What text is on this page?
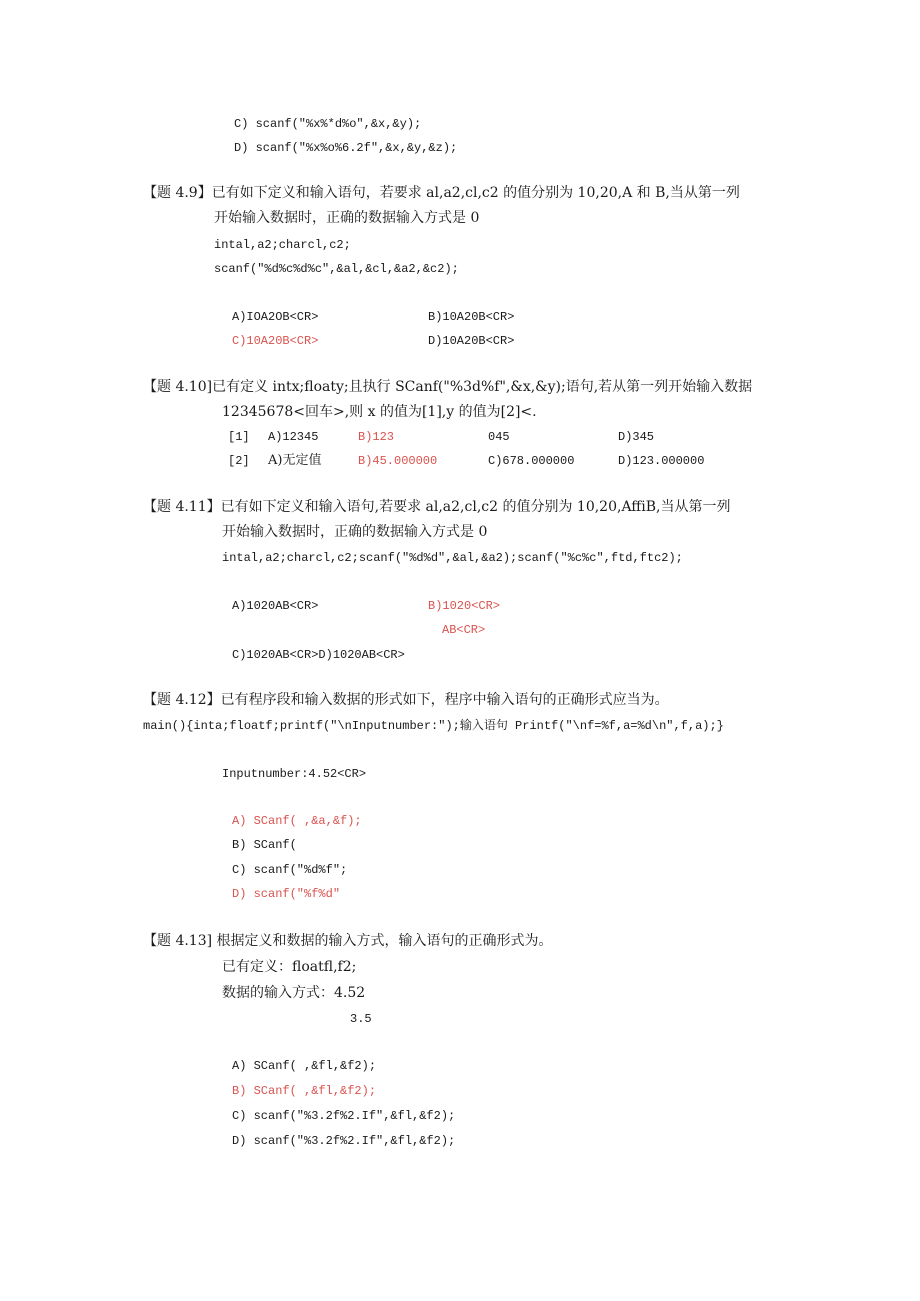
C) scanf("%x%*d%o",&x,&y);
D) scanf("%x%o%6.2f",&x,&y,&z);
【题 4.9】已有如下定义和输入语句，若要求 al,a2,cl,c2 的值分别为 10,20,A 和 B,当从第一列
开始输入数据时，正确的数据输入方式是 0
intal,a2;charcl,c2;
scanf("%d%c%d%c",&al,&cl,&a2,&c2);
A)IOA2OB<CR>	B)10A20B<CR>
C)10A20B<CR>	D)10A20B<CR>
【题 4.10]已有定义 intx;floaty;且执行 SCanf("%3d%f",&x,&y);语句,若从第一列开始输入数据
12345678<回车>,则 x 的值为[1],y 的值为[2]<.
[1] A)12345	B)123	045	D)345
[2] A)无定值	B)45.000000	C)678.000000	D)123.000000
【题 4.11】已有如下定义和输入语句,若要求 al,a2,cl,c2 的值分别为 10,20,AffiB,当从第一列
开始输入数据时，正确的数据输入方式是 0
intal,a2;charcl,c2;scanf("%d%d",&al,&a2);scanf("%c%c",ftd,ftc2);
A)1020AB<CR>	B)1020<CR>
AB<CR>
C)1020AB<CR>D)1020AB<CR>
【题 4.12】已有程序段和输入数据的形式如下，程序中输入语句的正确形式应当为。
main(){inta;floatf;printf("\nInputnumber:");输入语句 Printf("\nf=%f,a=%d\n",f,a);}
Inputnumber:4.52<CR>
A) SCanf( ,&a,&f);
B) SCanf(
C) scanf("%d%f";
D) scanf("%f%d"
【题 4.13] 根据定义和数据的输入方式，输入语句的正确形式为。
已有定义：floatfl,f2;
数据的输入方式：4.52
3.5
A) SCanf( ,&fl,&f2);
B) SCanf( ,&fl,&f2);
C) scanf("%3.2f%2.If",&fl,&f2);
D) scanf("%3.2f%2.If",&fl,&f2);
